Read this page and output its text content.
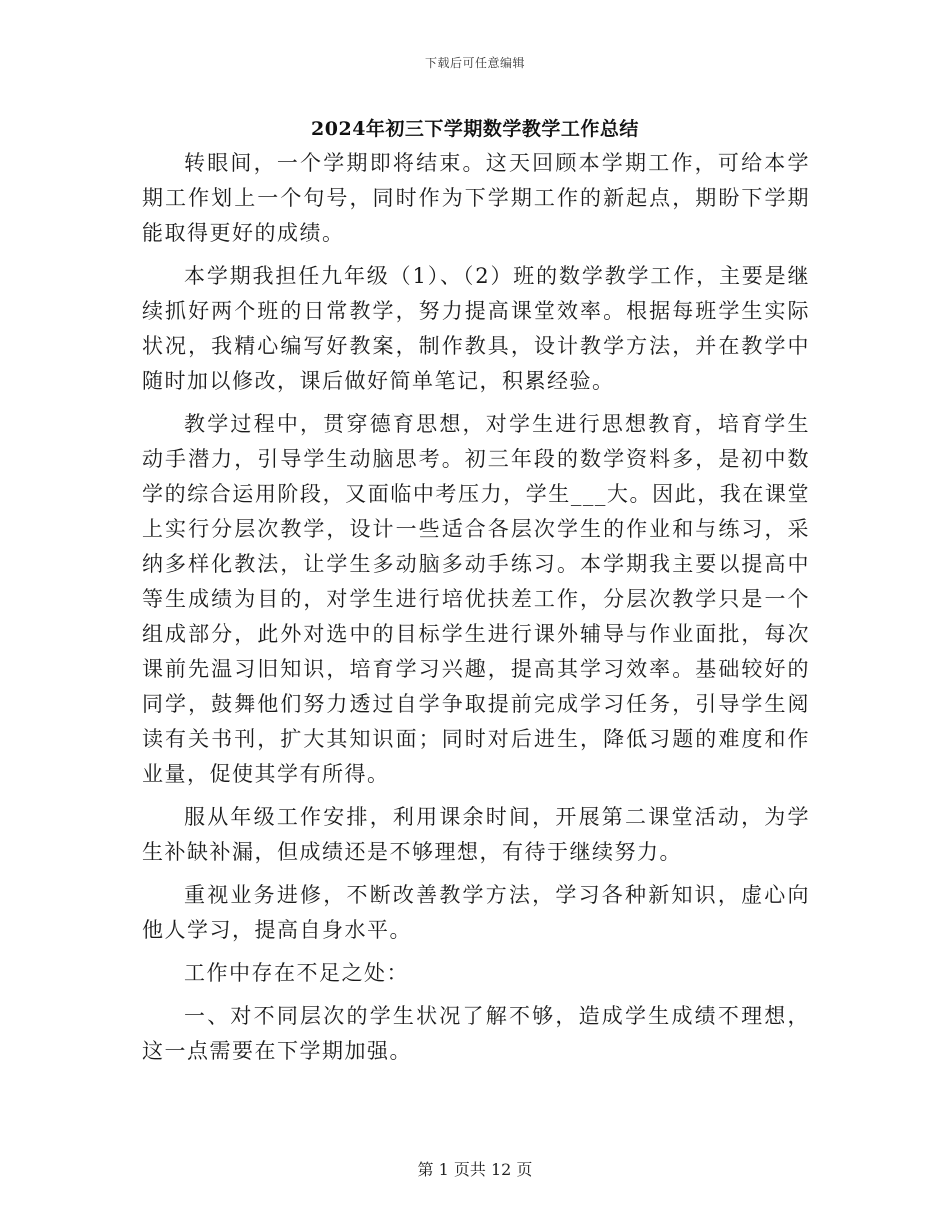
下载后可任意编辑
2024年初三下学期数学教学工作总结

转眼间，一个学期即将结束。这天回顾本学期工作，可给本学期工作划上一个句号，同时作为下学期工作的新起点，期盼下学期能取得更好的成绩。

本学期我担任九年级（1）、（2）班的数学教学工作，主要是继续抓好两个班的日常教学，努力提高课堂效率。根据每班学生实际状况，我精心编写好教案，制作教具，设计教学方法，并在教学中随时加以修改，课后做好简单笔记，积累经验。

教学过程中，贯穿德育思想，对学生进行思想教育，培育学生动手潜力，引导学生动脑思考。初三年段的数学资料多，是初中数学的综合运用阶段，又面临中考压力，学生___大。因此，我在课堂上实行分层次教学，设计一些适合各层次学生的作业和与练习，采纳多样化教法，让学生多动脑多动手练习。本学期我主要以提高中等生成绩为目的，对学生进行培优扶差工作，分层次教学只是一个组成部分，此外对选中的目标学生进行课外辅导与作业面批，每次课前先温习旧知识，培育学习兴趣，提高其学习效率。基础较好的同学，鼓舞他们努力透过自学争取提前完成学习任务，引导学生阅读有关书刊，扩大其知识面；同时对后进生，降低习题的难度和作业量，促使其学有所得。

服从年级工作安排，利用课余时间，开展第二课堂活动，为学生补缺补漏，但成绩还是不够理想，有待于继续努力。

重视业务进修，不断改善教学方法，学习各种新知识，虚心向他人学习，提高自身水平。

工作中存在不足之处：

一、对不同层次的学生状况了解不够，造成学生成绩不理想，这一点需要在下学期加强。

第 1 页共 12 页
